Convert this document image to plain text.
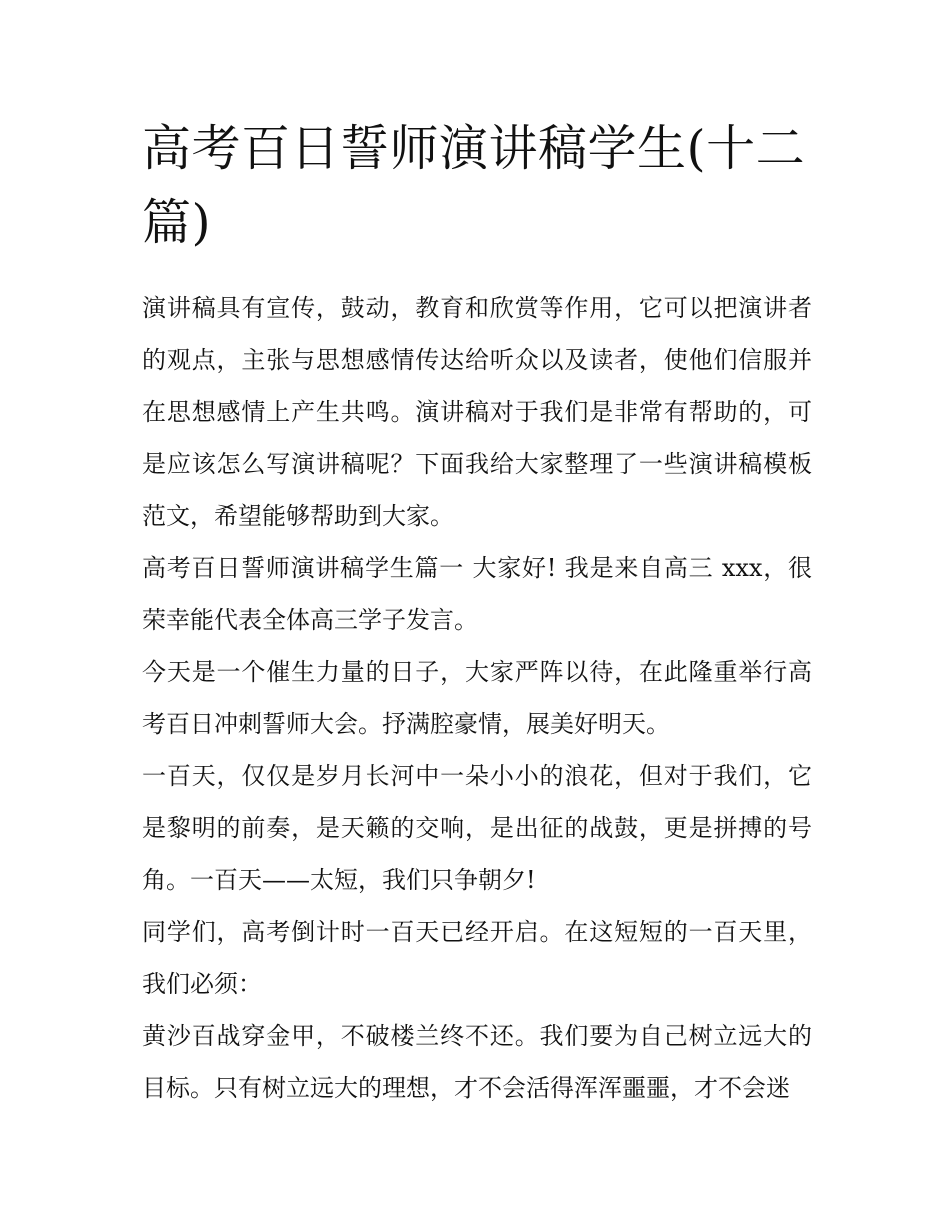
高考百日誓师演讲稿学生(十二篇)

演讲稿具有宣传，鼓动，教育和欣赏等作用，它可以把演讲者的观点，主张与思想感情传达给听众以及读者，使他们信服并在思想感情上产生共鸣。演讲稿对于我们是非常有帮助的，可是应该怎么写演讲稿呢？下面我给大家整理了一些演讲稿模板范文，希望能够帮助到大家。

高考百日誓师演讲稿学生篇一 大家好! 我是来自高三 xxx，很荣幸能代表全体高三学子发言。

今天是一个催生力量的日子，大家严阵以待，在此隆重举行高考百日冲刺誓师大会。抒满腔豪情，展美好明天。

一百天，仅仅是岁月长河中一朵小小的浪花，但对于我们，它是黎明的前奏，是天籁的交响，是出征的战鼓，更是拼搏的号角。一百天——太短，我们只争朝夕!

同学们，高考倒计时一百天已经开启。在这短短的一百天里，我们必须：

黄沙百战穿金甲，不破楼兰终不还。我们要为自己树立远大的目标。只有树立远大的理想，才不会活得浑浑噩噩，才不会迷
